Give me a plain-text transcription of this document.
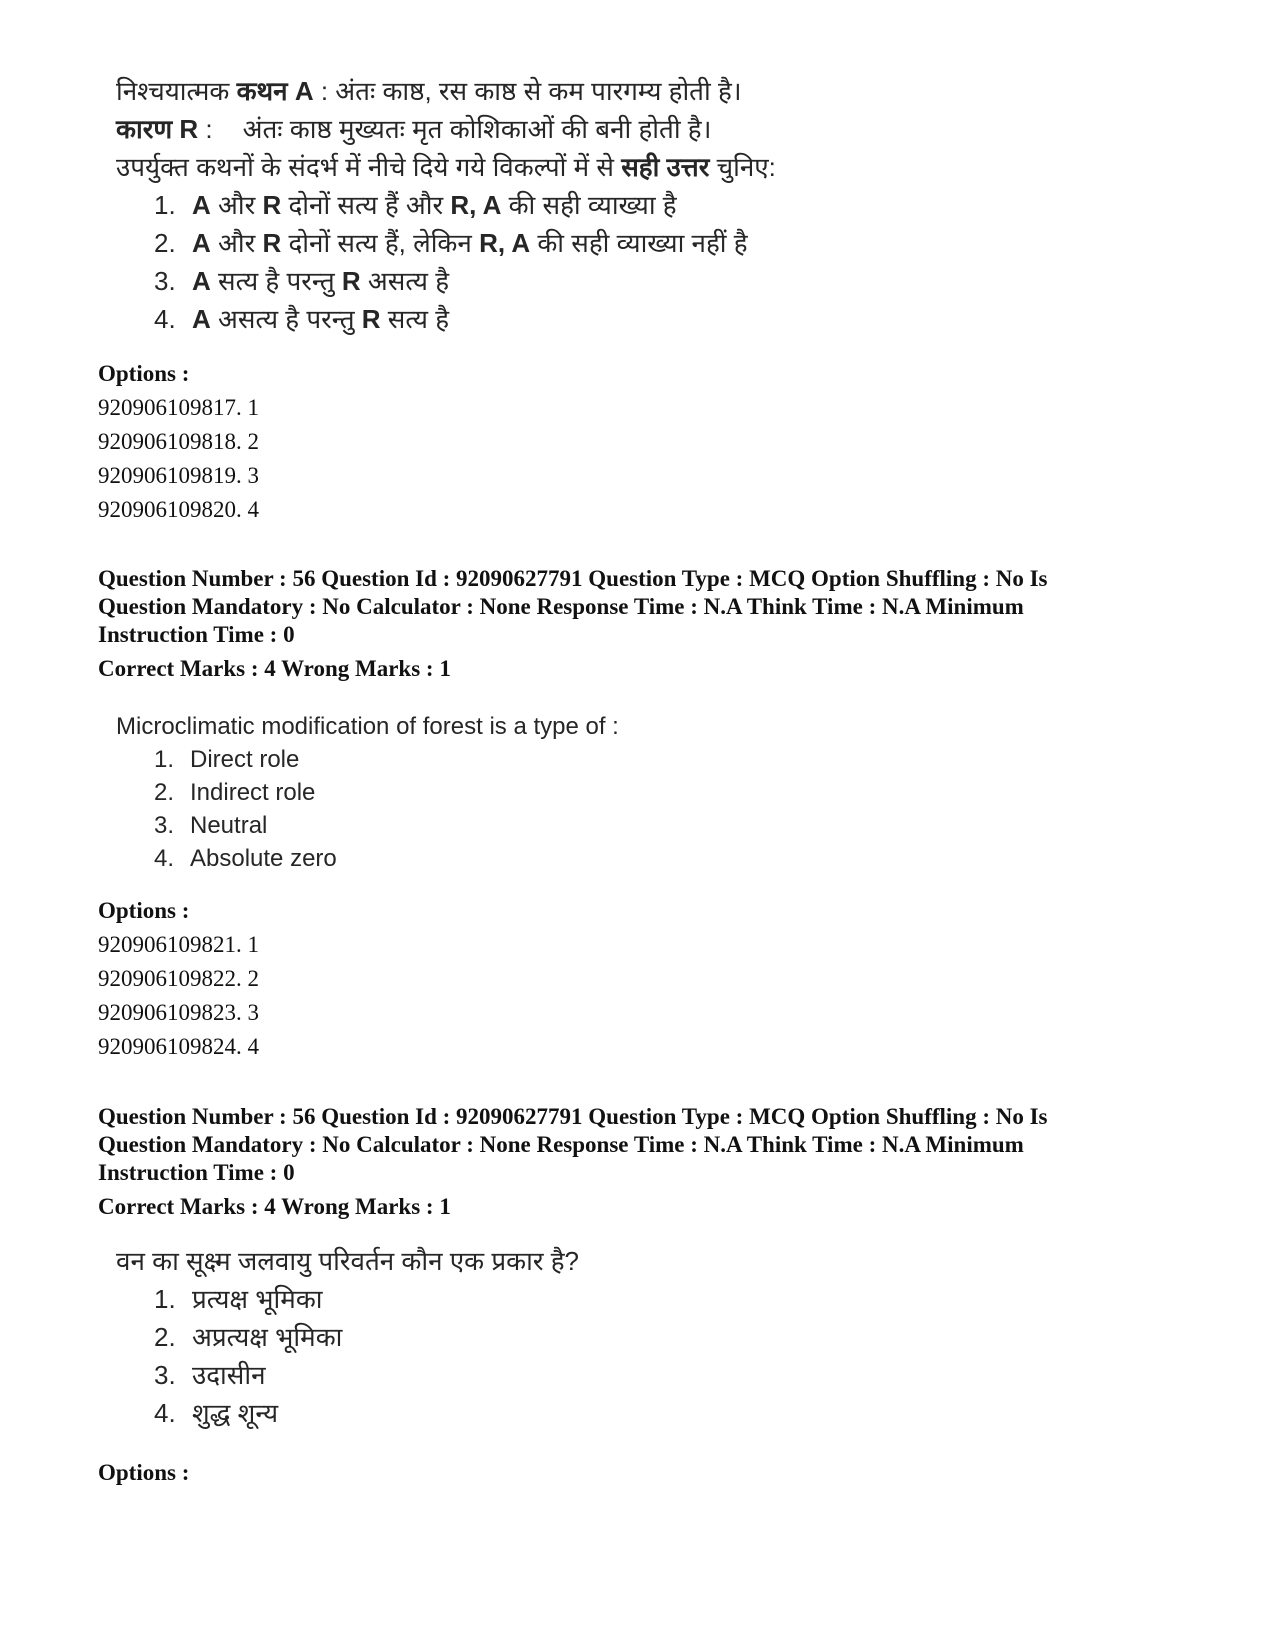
निश्चयात्मक कथन A : अंतः काष्ठ, रस काष्ठ से कम पारगम्य होती है।
कारण R : अंतः काष्ठ मुख्यतः मृत कोशिकाओं की बनी होती है।
उपर्युक्त कथनों के संदर्भ में नीचे दिये गये विकल्पों में से सही उत्तर चुनिए:
1. A और R दोनों सत्य हैं और R, A की सही व्याख्या है
2. A और R दोनों सत्य हैं, लेकिन R, A की सही व्याख्या नहीं है
3. A सत्य है परन्तु R असत्य है
4. A असत्य है परन्तु R सत्य है
Options :
920906109817. 1
920906109818. 2
920906109819. 3
920906109820. 4
Question Number : 56 Question Id : 92090627791 Question Type : MCQ Option Shuffling : No Is
Question Mandatory : No Calculator : None Response Time : N.A Think Time : N.A Minimum
Instruction Time : 0
Correct Marks : 4 Wrong Marks : 1
Microclimatic modification of forest is a type of :
1. Direct role
2. Indirect role
3. Neutral
4. Absolute zero
Options :
920906109821. 1
920906109822. 2
920906109823. 3
920906109824. 4
Question Number : 56 Question Id : 92090627791 Question Type : MCQ Option Shuffling : No Is
Question Mandatory : No Calculator : None Response Time : N.A Think Time : N.A Minimum
Instruction Time : 0
Correct Marks : 4 Wrong Marks : 1
वन का सूक्ष्म जलवायु परिवर्तन कौन एक प्रकार है?
1. प्रत्यक्ष भूमिका
2. अप्रत्यक्ष भूमिका
3. उदासीन
4. शुद्ध शून्य
Options :
